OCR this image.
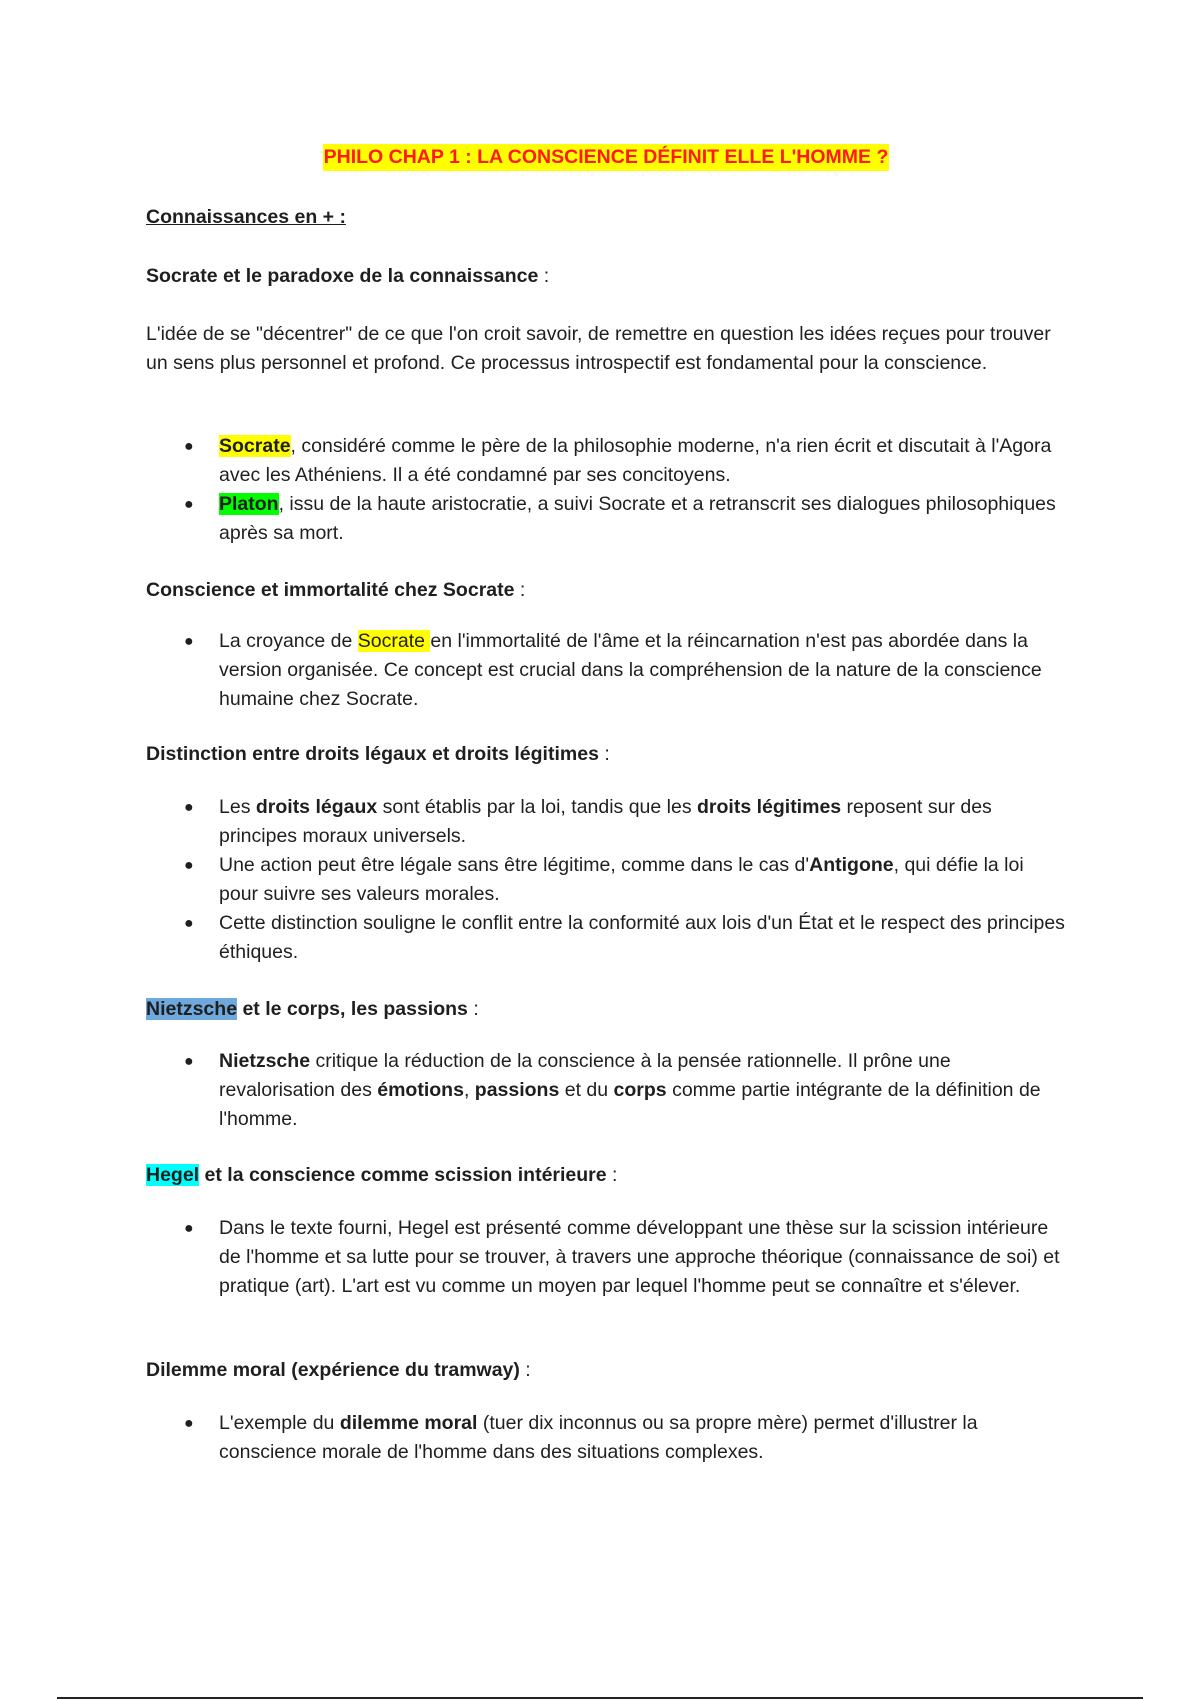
PHILO CHAP 1 : LA CONSCIENCE DÉFINIT ELLE L'HOMME ?
Connaissances en + :
Socrate et le paradoxe de la connaissance :
L'idée de se "décentrer" de ce que l'on croit savoir, de remettre en question les idées reçues pour trouver un sens plus personnel et profond. Ce processus introspectif est fondamental pour la conscience.
● Socrate, considéré comme le père de la philosophie moderne, n'a rien écrit et discutait à l'Agora avec les Athéniens. Il a été condamné par ses concitoyens.
● Platon, issu de la haute aristocratie, a suivi Socrate et a retranscrit ses dialogues philosophiques après sa mort.
Conscience et immortalité chez Socrate :
● La croyance de Socrate en l'immortalité de l'âme et la réincarnation n'est pas abordée dans la version organisée. Ce concept est crucial dans la compréhension de la nature de la conscience humaine chez Socrate.
Distinction entre droits légaux et droits légitimes :
● Les droits légaux sont établis par la loi, tandis que les droits légitimes reposent sur des principes moraux universels.
● Une action peut être légale sans être légitime, comme dans le cas d'Antigone, qui défie la loi pour suivre ses valeurs morales.
● Cette distinction souligne le conflit entre la conformité aux lois d'un État et le respect des principes éthiques.
Nietzsche et le corps, les passions :
● Nietzsche critique la réduction de la conscience à la pensée rationnelle. Il prône une revalorisation des émotions, passions et du corps comme partie intégrante de la définition de l'homme.
Hegel et la conscience comme scission intérieure :
● Dans le texte fourni, Hegel est présenté comme développant une thèse sur la scission intérieure de l'homme et sa lutte pour se trouver, à travers une approche théorique (connaissance de soi) et pratique (art). L'art est vu comme un moyen par lequel l'homme peut se connaître et s'élever.
Dilemme moral (expérience du tramway) :
● L'exemple du dilemme moral (tuer dix inconnus ou sa propre mère) permet d'illustrer la conscience morale de l'homme dans des situations complexes.
